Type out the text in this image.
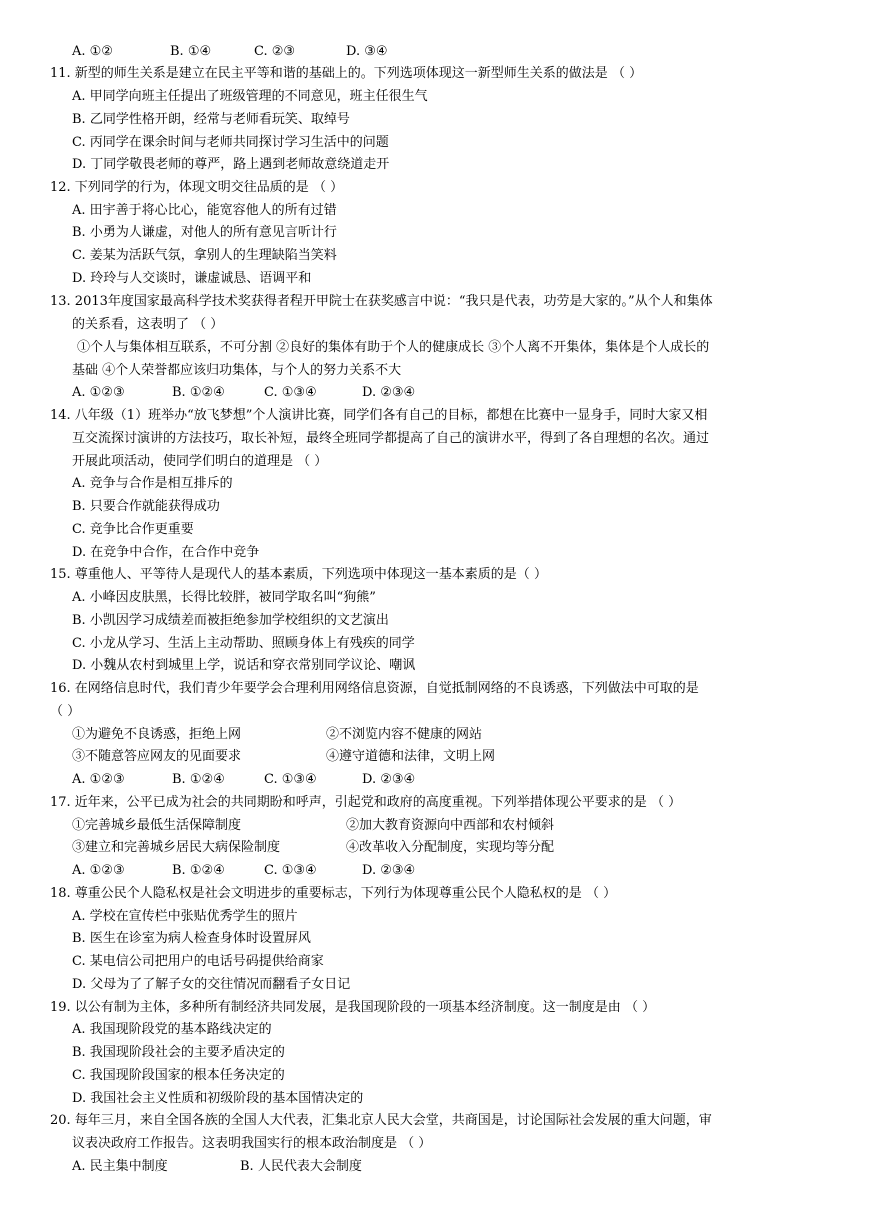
A. ①②	B. ①④	C. ②③	D. ③④
11. 新型的师生关系是建立在民主平等和谐的基础上的。下列选项体现这一新型师生关系的做法是 （ ）
A. 甲同学向班主任提出了班级管理的不同意见，班主任很生气
B. 乙同学性格开朗，经常与老师看玩笑、取绰号
C. 丙同学在课余时间与老师共同探讨学习生活中的问题
D. 丁同学敬畏老师的尊严，路上遇到老师故意绕道走开
12. 下列同学的行为，体现文明交往品质的是 （ ）
A. 田宇善于将心比心，能宽容他人的所有过错
B. 小勇为人谦虚，对他人的所有意见言听计行
C. 姜某为活跃气氛，拿别人的生理缺陷当笑料
D. 玲玲与人交谈时，谦虚诚恳、语调平和
13. 2013年度国家最高科学技术奖获得者程开甲院士在获奖感言中说：“我只是代表，功劳是大家的。”从个人和集体
的关系看，这表明了 （ ）
①个人与集体相互联系，不可分割 ②良好的集体有助于个人的健康成长 ③个人离不开集体，集体是个人成长的
基础 ④个人荣誉都应该归功集体，与个人的努力关系不大
A. ①②③	B. ①②④	C. ①③④	D. ②③④
14. 八年级（1）班举办“放飞梦想”个人演讲比赛，同学们各有自己的目标，都想在比赛中一显身手，同时大家又相
互交流探讨演讲的方法技巧，取长补短，最终全班同学都提高了自己的演讲水平，得到了各自理想的名次。通过
开展此项活动，使同学们明白的道理是 （ ）
A. 竞争与合作是相互排斥的
B. 只要合作就能获得成功
C. 竞争比合作更重要
D. 在竞争中合作，在合作中竞争
15. 尊重他人、平等待人是现代人的基本素质，下列选项中体现这一基本素质的是（ ）
A. 小峰因皮肤黑，长得比较胖，被同学取名叫“狗熊”
B. 小凯因学习成绩差而被拒绝参加学校组织的文艺演出
C. 小龙从学习、生活上主动帮助、照顾身体上有残疾的同学
D. 小魏从农村到城里上学，说话和穿衣常别同学议论、嘲讽
16. 在网络信息时代，我们青少年要学会合理利用网络信息资源，自觉抵制网络的不良诱惑，下列做法中可取的是
（ ）
①为避免不良诱惑，拒绝上网	②不浏览内容不健康的网站
③不随意答应网友的见面要求	④遵守道德和法律，文明上网
A. ①②③	B. ①②④	C. ①③④	D. ②③④
17. 近年来，公平已成为社会的共同期盼和呼声，引起党和政府的高度重视。下列举措体现公平要求的是 （ ）
①完善城乡最低生活保障制度	②加大教育资源向中西部和农村倾斜
③建立和完善城乡居民大病保险制度	④改革收入分配制度，实现均等分配
A. ①②③	B. ①②④	C. ①③④	D. ②③④
18. 尊重公民个人隐私权是社会文明进步的重要标志，下列行为体现尊重公民个人隐私权的是 （ ）
A. 学校在宣传栏中张贴优秀学生的照片
B. 医生在诊室为病人检查身体时设置屏风
C. 某电信公司把用户的电话号码提供给商家
D. 父母为了了解子女的交往情况而翻看子女日记
19. 以公有制为主体，多种所有制经济共同发展，是我国现阶段的一项基本经济制度。这一制度是由 （ ）
A. 我国现阶段党的基本路线决定的
B. 我国现阶段社会的主要矛盾决定的
C. 我国现阶段国家的根本任务决定的
D. 我国社会主义性质和初级阶段的基本国情决定的
20. 每年三月，来自全国各族的全国人大代表，汇集北京人民大会堂，共商国是，讨论国际社会发展的重大问题，审
议表决政府工作报告。这表明我国实行的根本政治制度是 （ ）
A. 民主集中制度	B. 人民代表大会制度
